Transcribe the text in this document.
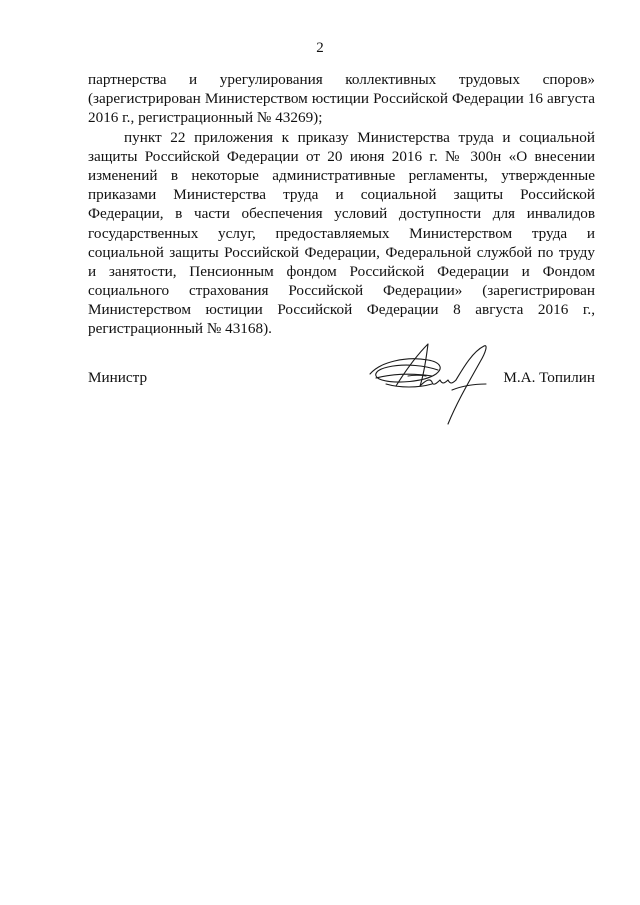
2
партнерства и урегулирования коллективных трудовых споров»
(зарегистрирован Министерством юстиции Российской Федерации 16 августа
2016 г., регистрационный № 43269);
пункт 22 приложения к приказу Министерства труда и социальной
защиты Российской Федерации от 20 июня 2016 г. № 300н «О внесении
изменений в некоторые административные регламенты, утвержденные
приказами Министерства труда и социальной защиты Российской
Федерации, в части обеспечения условий доступности для инвалидов
государственных услуг, предоставляемых Министерством труда и
социальной защиты Российской Федерации, Федеральной службой по труду
и занятости, Пенсионным фондом Российской Федерации и Фондом
социального страхования Российской Федерации» (зарегистрирован
Министерством юстиции Российской Федерации 8 августа 2016 г.,
регистрационный № 43168).
Министр	М.А. Топилин
